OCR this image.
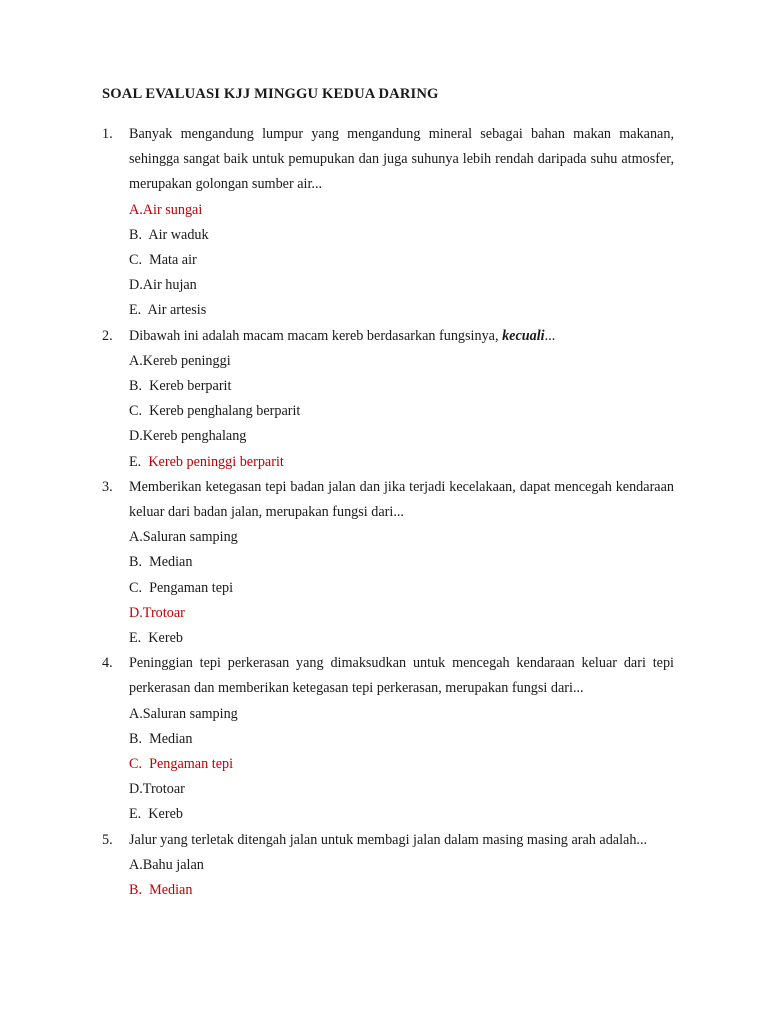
SOAL EVALUASI KJJ MINGGU KEDUA DARING
1. Banyak mengandung lumpur yang mengandung mineral sebagai bahan makan makanan, sehingga sangat baik untuk pemupukan dan juga suhunya lebih rendah daripada suhu atmosfer, merupakan golongan sumber air...
A.Air sungai
B.  Air waduk
C.  Mata air
D.Air hujan
E.  Air artesis
2. Dibawah ini adalah macam macam kereb berdasarkan fungsinya, kecuali...
A.Kereb peninggi
B.  Kereb berparit
C.  Kereb penghalang berparit
D.Kereb penghalang
E.  Kereb peninggi berparit
3. Memberikan ketegasan tepi badan jalan dan jika terjadi kecelakaan, dapat mencegah kendaraan keluar dari badan jalan, merupakan fungsi dari...
A.Saluran samping
B.  Median
C.  Pengaman tepi
D.Trotoar
E.  Kereb
4. Peninggian tepi perkerasan yang dimaksudkan untuk mencegah kendaraan keluar dari tepi perkerasan dan memberikan ketegasan tepi perkerasan, merupakan fungsi dari...
A.Saluran samping
B.  Median
C.  Pengaman tepi
D.Trotoar
E.  Kereb
5. Jalur yang terletak ditengah jalan untuk membagi jalan dalam masing masing arah adalah...
A.Bahu jalan
B.  Median
